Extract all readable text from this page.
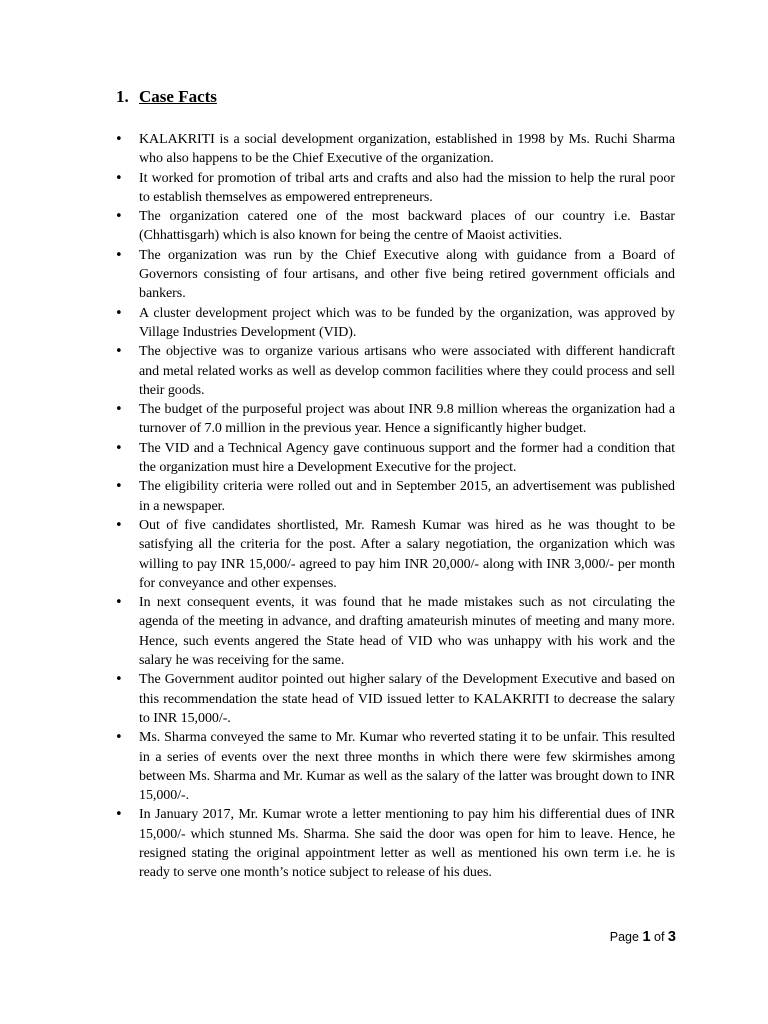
1. Case Facts
• KALAKRITI is a social development organization, established in 1998 by Ms. Ruchi Sharma who also happens to be the Chief Executive of the organization.
• It worked for promotion of tribal arts and crafts and also had the mission to help the rural poor to establish themselves as empowered entrepreneurs.
• The organization catered one of the most backward places of our country i.e. Bastar (Chhattisgarh) which is also known for being the centre of Maoist activities.
• The organization was run by the Chief Executive along with guidance from a Board of Governors consisting of four artisans, and other five being retired government officials and bankers.
• A cluster development project which was to be funded by the organization, was approved by Village Industries Development (VID).
• The objective was to organize various artisans who were associated with different handicraft and metal related works as well as develop common facilities where they could process and sell their goods.
• The budget of the purposeful project was about INR 9.8 million whereas the organization had a turnover of 7.0 million in the previous year. Hence a significantly higher budget.
• The VID and a Technical Agency gave continuous support and the former had a condition that the organization must hire a Development Executive for the project.
• The eligibility criteria were rolled out and in September 2015, an advertisement was published in a newspaper.
• Out of five candidates shortlisted, Mr. Ramesh Kumar was hired as he was thought to be satisfying all the criteria for the post. After a salary negotiation, the organization which was willing to pay INR 15,000/- agreed to pay him INR 20,000/- along with INR 3,000/- per month for conveyance and other expenses.
• In next consequent events, it was found that he made mistakes such as not circulating the agenda of the meeting in advance, and drafting amateurish minutes of meeting and many more. Hence, such events angered the State head of VID who was unhappy with his work and the salary he was receiving for the same.
• The Government auditor pointed out higher salary of the Development Executive and based on this recommendation the state head of VID issued letter to KALAKRITI to decrease the salary to INR 15,000/-.
• Ms. Sharma conveyed the same to Mr. Kumar who reverted stating it to be unfair. This resulted in a series of events over the next three months in which there were few skirmishes among between Ms. Sharma and Mr. Kumar as well as the salary of the latter was brought down to INR 15,000/-.
• In January 2017, Mr. Kumar wrote a letter mentioning to pay him his differential dues of INR 15,000/- which stunned Ms. Sharma. She said the door was open for him to leave. Hence, he resigned stating the original appointment letter as well as mentioned his own term i.e. he is ready to serve one month’s notice subject to release of his dues.
Page 1 of 3
